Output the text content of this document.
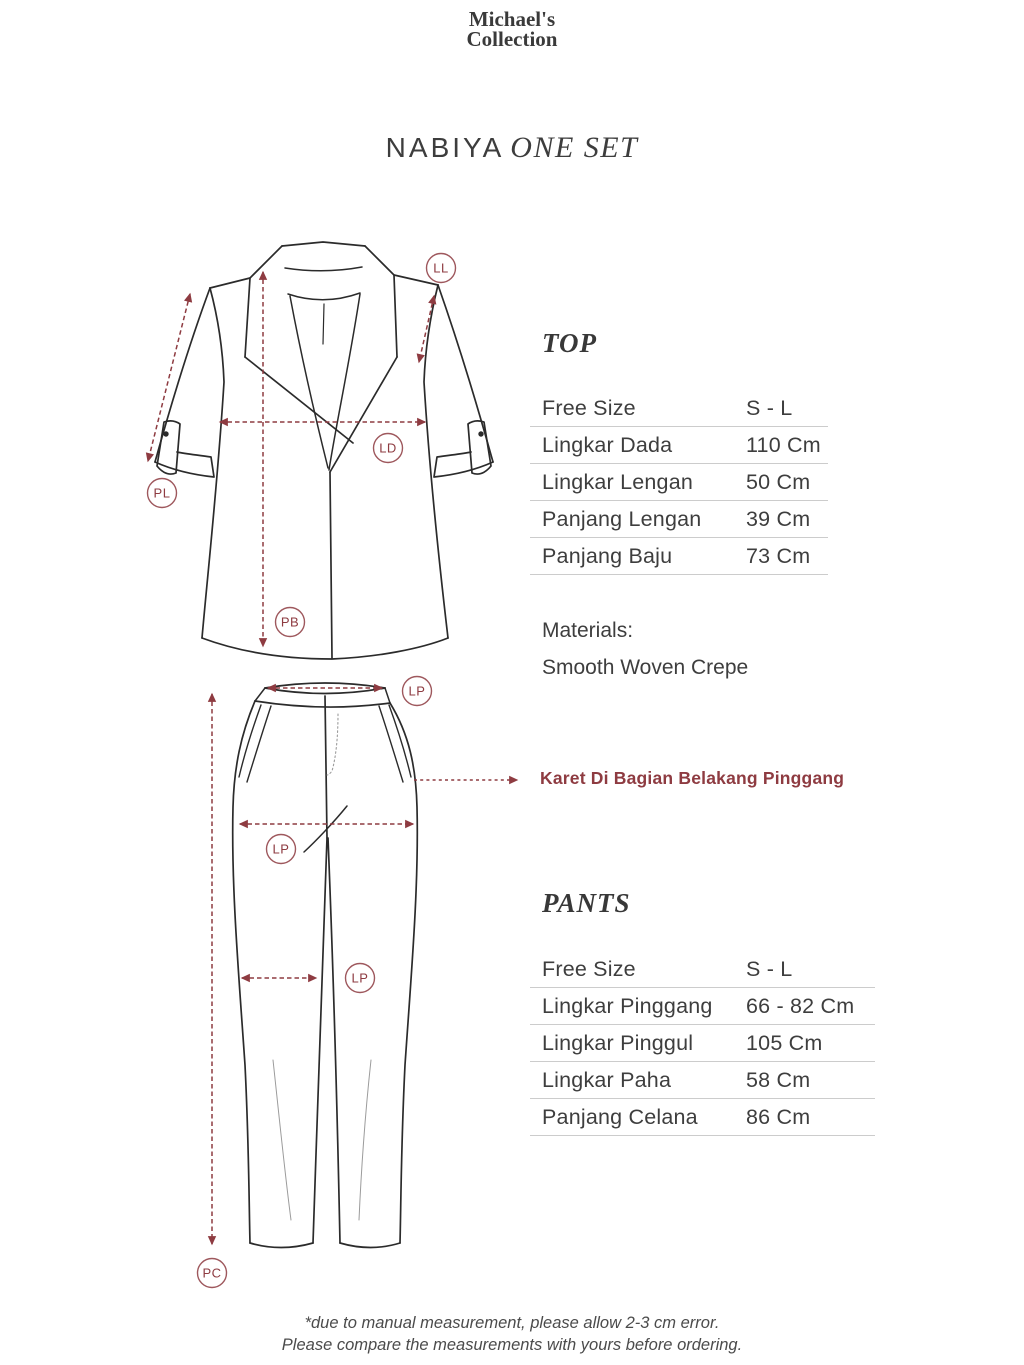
Michael's
Collection
NABIYA ONE SET
LL
LD
PL
PB
TOP
Free Size	S - L
Lingkar Dada	110 Cm
Lingkar Lengan	50 Cm
Panjang Lengan	39 Cm
Panjang Baju	73 Cm
Materials:
Smooth Woven Crepe
LP
LP
LP
PC
Karet Di Bagian Belakang Pinggang
PANTS
Free Size	S - L
Lingkar Pinggang	66 - 82 Cm
Lingkar Pinggul	105 Cm
Lingkar Paha	58 Cm
Panjang Celana	86 Cm
*due to manual measurement, please allow 2-3 cm error.
Please compare the measurements with yours before ordering.
